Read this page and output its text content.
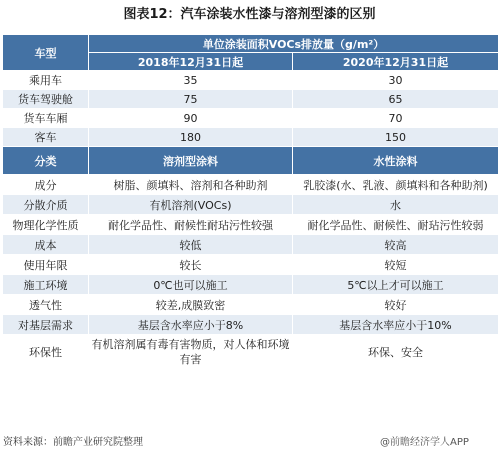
图表12：汽车涂装水性漆与溶剂型漆的区别
车型	单位涂装面积VOCs排放量（g/m²）	
	2018年12月31日起	2020年12月31日起
乘用车	35	30
货车驾驶舱	75	65
货车车厢	90	70
客车	180	150
分类	溶剂型涂料	水性涂料
成分	树脂、颜填料、溶剂和各种助剂	乳胶漆(水、乳液、颜填料和各种助剂)
分散介质	有机溶剂(VOCs)	水
物理化学性质	耐化学品性、耐候性耐玷污性较强	耐化学品性、耐候性、耐玷污性较弱
成本	较低	较高
使用年限	较长	较短
施工环境	0℃也可以施工	5℃以上才可以施工
透气性	较差,成膜致密	较好
对基层需求	基层含水率应小于8%	基层含水率应小于10%
环保性	有机溶剂属有毒有害物质，对人体和环境有害	环保、安全
资料来源：前瞻产业研究院整理	@前瞻经济学人APP
